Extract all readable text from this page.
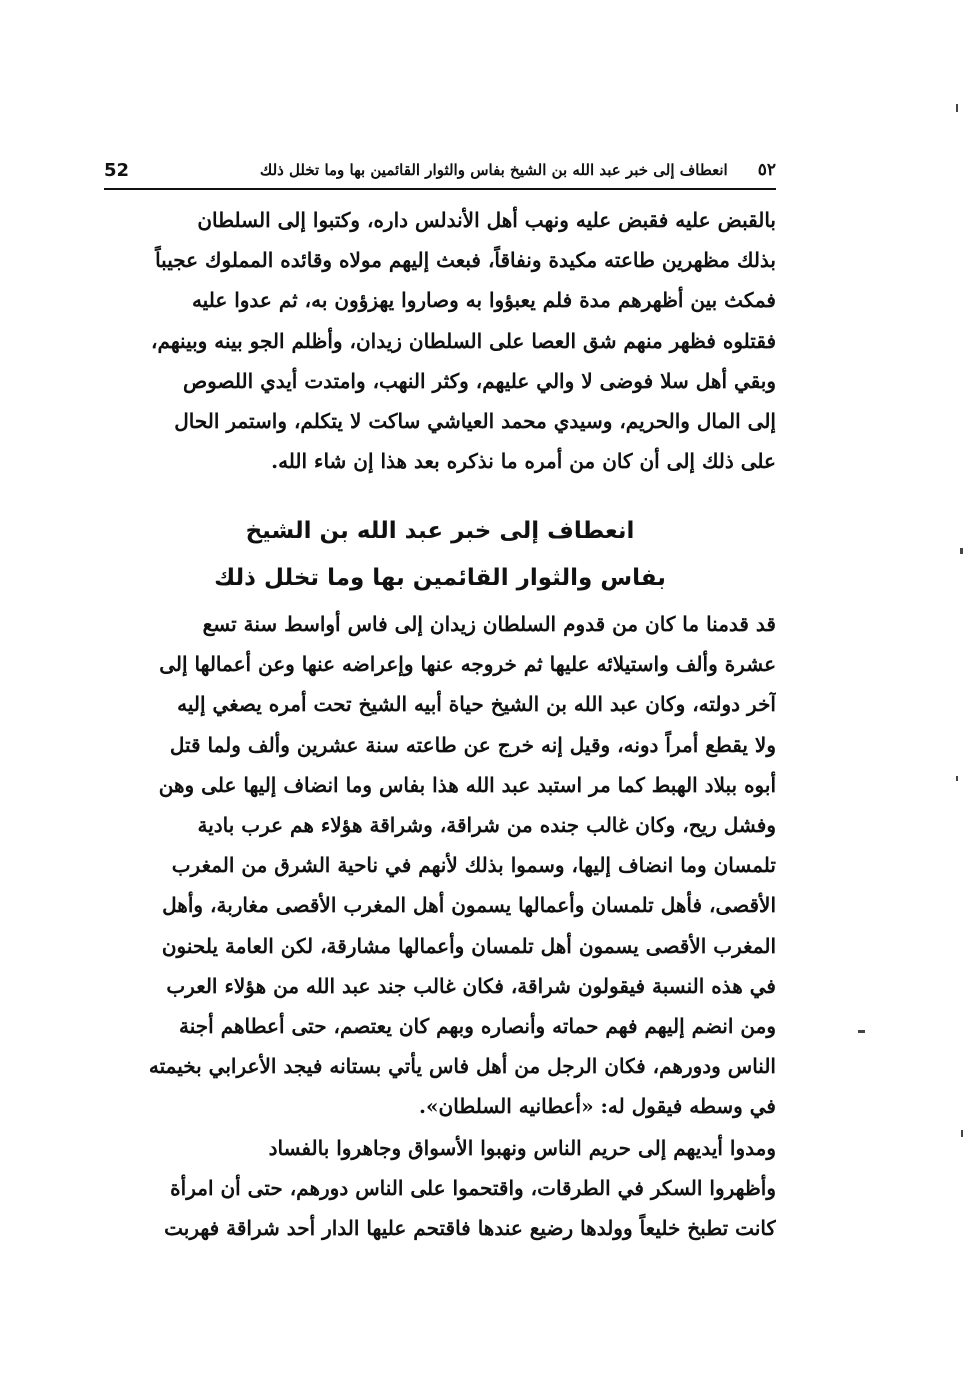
52	انعطاف إلى خبر عبد الله بن الشيخ بفاس والثوار القائمين بها وما تخلل ذلك	٥٢
بالقبض عليه فقبض عليه ونهب أهل الأندلس داره، وكتبوا إلى السلطان
بذلك مظهرين طاعته مكيدة ونفاقاً، فبعث إليهم مولاه وقائده المملوك عجيباً
فمكث بين أظهرهم مدة فلم يعبؤوا به وصاروا يهزؤون به، ثم عدوا عليه
فقتلوه فظهر منهم شق العصا على السلطان زيدان، وأظلم الجو بينه وبينهم،
وبقي أهل سلا فوضى لا والي عليهم، وكثر النهب، وامتدت أيدي اللصوص
إلى المال والحريم، وسيدي محمد العياشي ساكت لا يتكلم، واستمر الحال
على ذلك إلى أن كان من أمره ما نذكره بعد هذا إن شاء الله.
انعطاف إلى خبر عبد الله بن الشيخ
بفاس والثوار القائمين بها وما تخلل ذلك
قد قدمنا ما كان من قدوم السلطان زيدان إلى فاس أواسط سنة تسع
عشرة وألف واستيلائه عليها ثم خروجه عنها وإعراضه عنها وعن أعمالها إلى
آخر دولته، وكان عبد الله بن الشيخ حياة أبيه الشيخ تحت أمره يصغي إليه
ولا يقطع أمراً دونه، وقيل إنه خرج عن طاعته سنة عشرين وألف ولما قتل
أبوه ببلاد الهبط كما مر استبد عبد الله هذا بفاس وما انضاف إليها على وهن
وفشل ريح، وكان غالب جنده من شراقة، وشراقة هؤلاء هم عرب بادية
تلمسان وما انضاف إليها، وسموا بذلك لأنهم في ناحية الشرق من المغرب
الأقصى، فأهل تلمسان وأعمالها يسمون أهل المغرب الأقصى مغاربة، وأهل
المغرب الأقصى يسمون أهل تلمسان وأعمالها مشارقة، لكن العامة يلحنون
في هذه النسبة فيقولون شراقة، فكان غالب جند عبد الله من هؤلاء العرب
ومن انضم إليهم فهم حماته وأنصاره وبهم كان يعتصم، حتى أعطاهم أجنة
الناس ودورهم، فكان الرجل من أهل فاس يأتي بستانه فيجد الأعرابي بخيمته
في وسطه فيقول له: «أعطانيه السلطان».
ومدوا أيديهم إلى حريم الناس ونهبوا الأسواق وجاهروا بالفساد
وأظهروا السكر في الطرقات، واقتحموا على الناس دورهم، حتى أن امرأة
كانت تطبخ خليعاً وولدها رضيع عندها فاقتحم عليها الدار أحد شراقة فهربت
